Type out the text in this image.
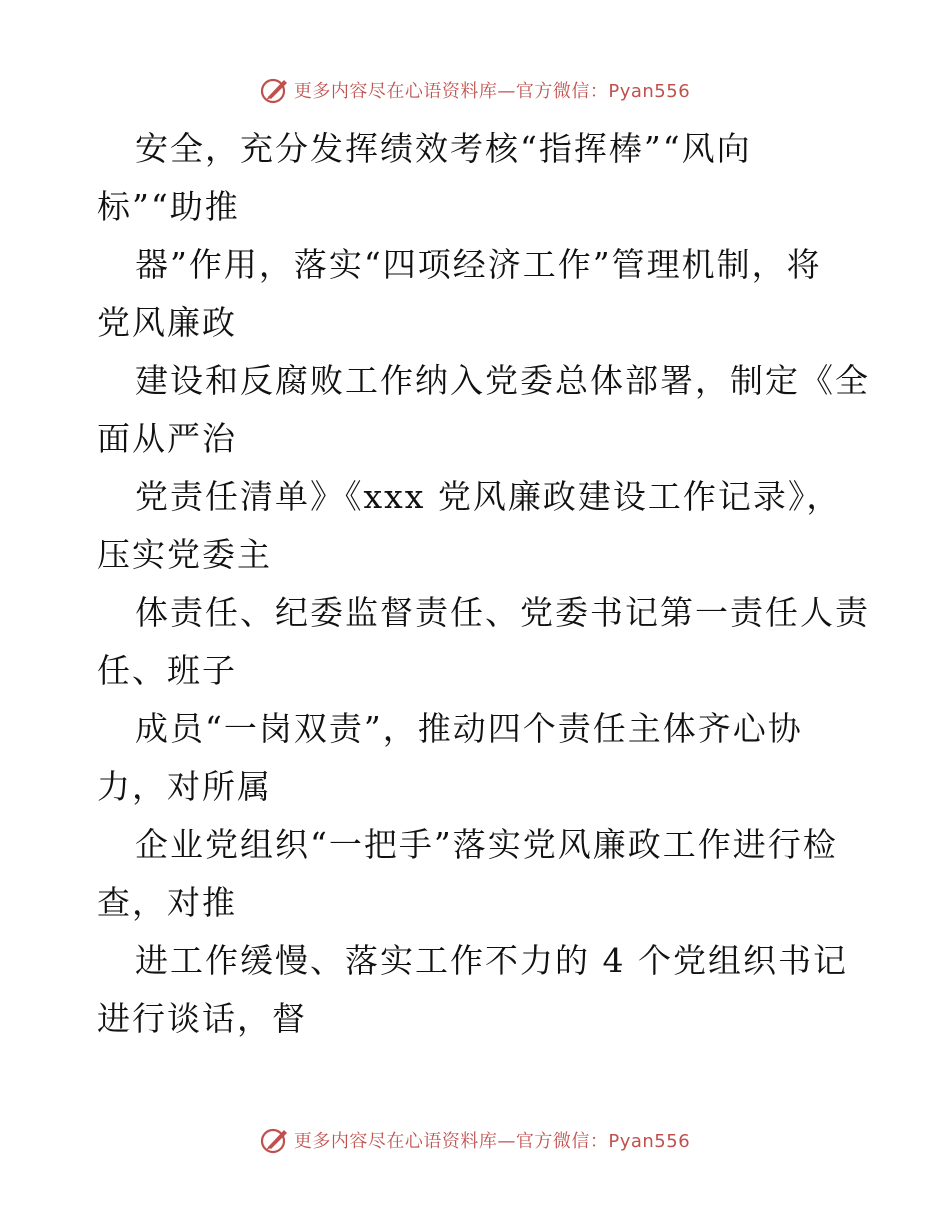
更多内容尽在心语资料库—官方微信：Pyan556
安全，充分发挥绩效考核“指挥棒”“风向
标”“助推
器”作用，落实“四项经济工作”管理机制，将
党风廉政
建设和反腐败工作纳入党委总体部署，制定《全
面从严治
党责任清单》《xxx 党风廉政建设工作记录》，
压实党委主
体责任、纪委监督责任、党委书记第一责任人责
任、班子
成员“一岗双责”，推动四个责任主体齐心协
力，对所属
企业党组织“一把手”落实党风廉政工作进行检
查，对推
进工作缓慢、落实工作不力的 4 个党组织书记
进行谈话，督
更多内容尽在心语资料库—官方微信：Pyan556
